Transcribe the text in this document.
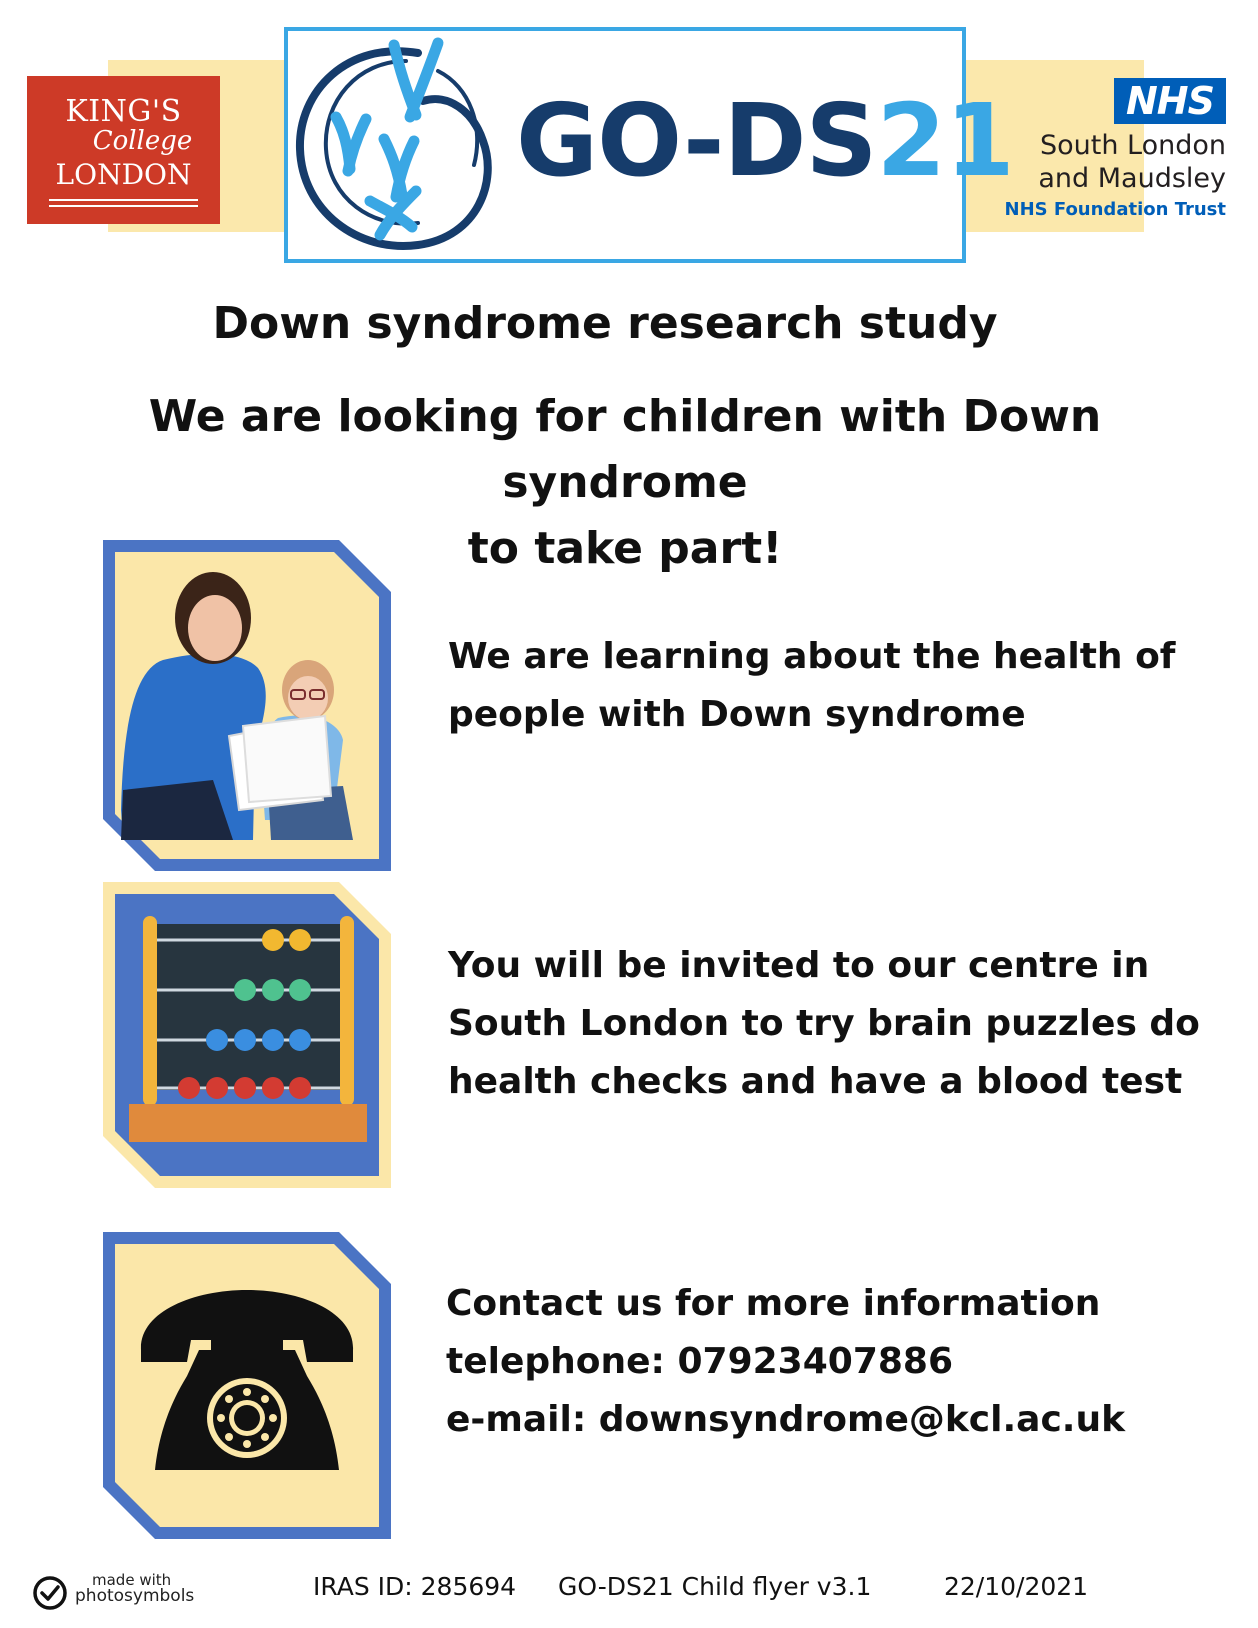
KING'S
College
LONDON	GO-DS21	NHS
South London
and Maudsley
NHS Foundation Trust
Down syndrome research study
We are looking for children with Down syndrome
to take part!
We are learning about the health of
people with Down syndrome
You will be invited to our centre in
South London to try brain puzzles do
health checks and have a blood test
Contact us for more information
telephone: 07923407886
e-mail: downsyndrome@kcl.ac.uk
made with
photosymbols	IRAS ID: 285694 GO-DS21 Child flyer v3.1	22/10/2021
